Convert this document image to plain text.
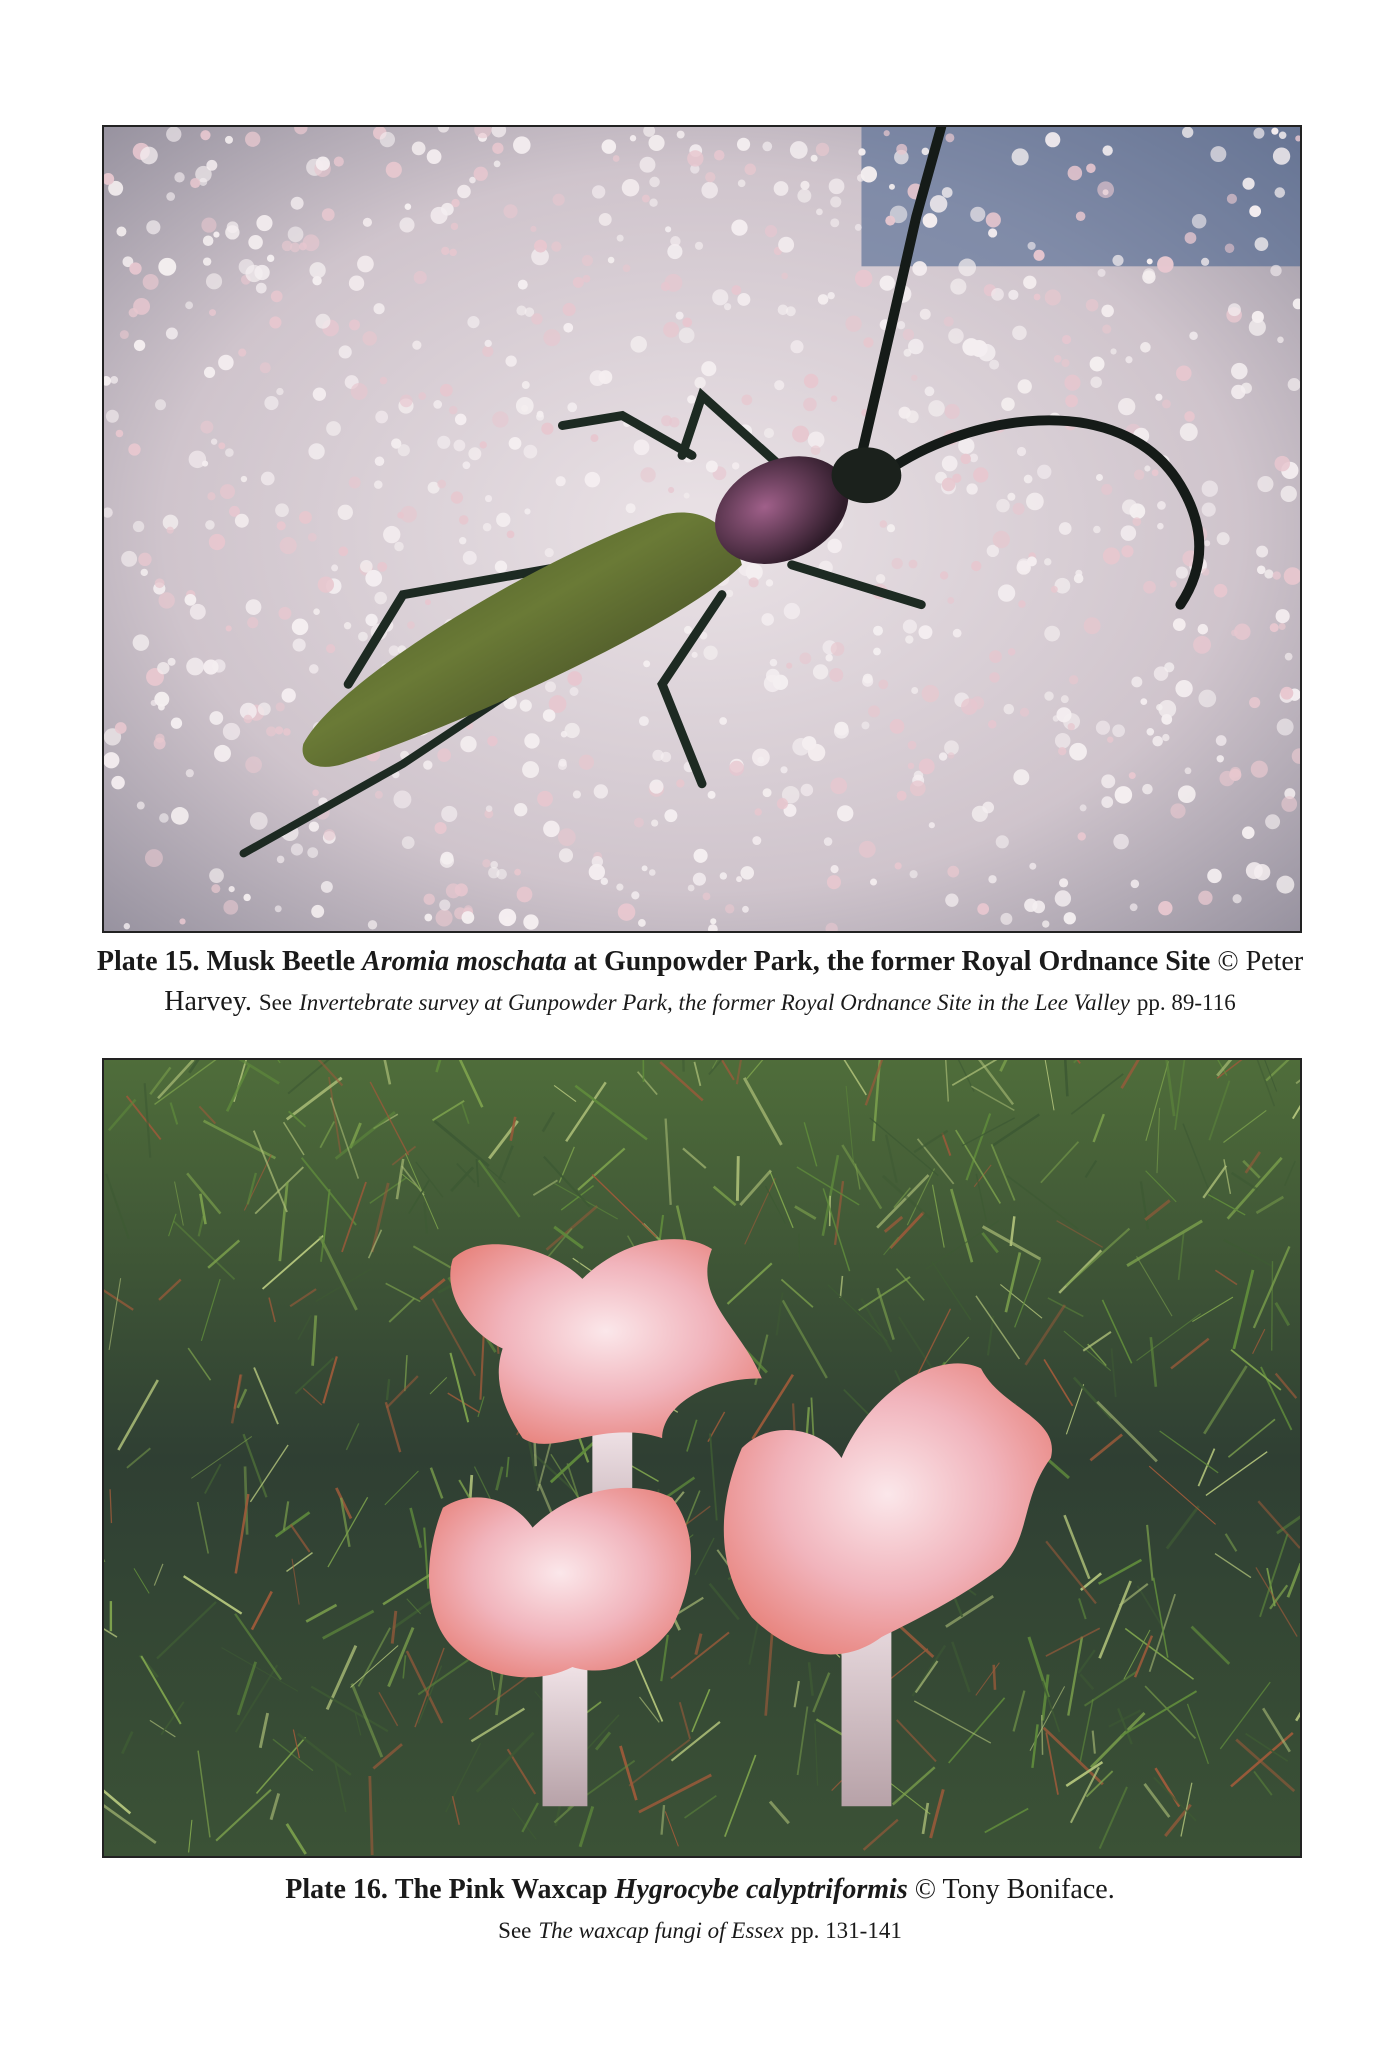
Plate 15. Musk Beetle Aromia moschata at Gunpowder Park, the former Royal Ordnance Site © Peter
Harvey. See Invertebrate survey at Gunpowder Park, the former Royal Ordnance Site in the Lee Valley pp. 89-116
Plate 16. The Pink Waxcap Hygrocybe calyptriformis © Tony Boniface.
See The waxcap fungi of Essex pp. 131-141
